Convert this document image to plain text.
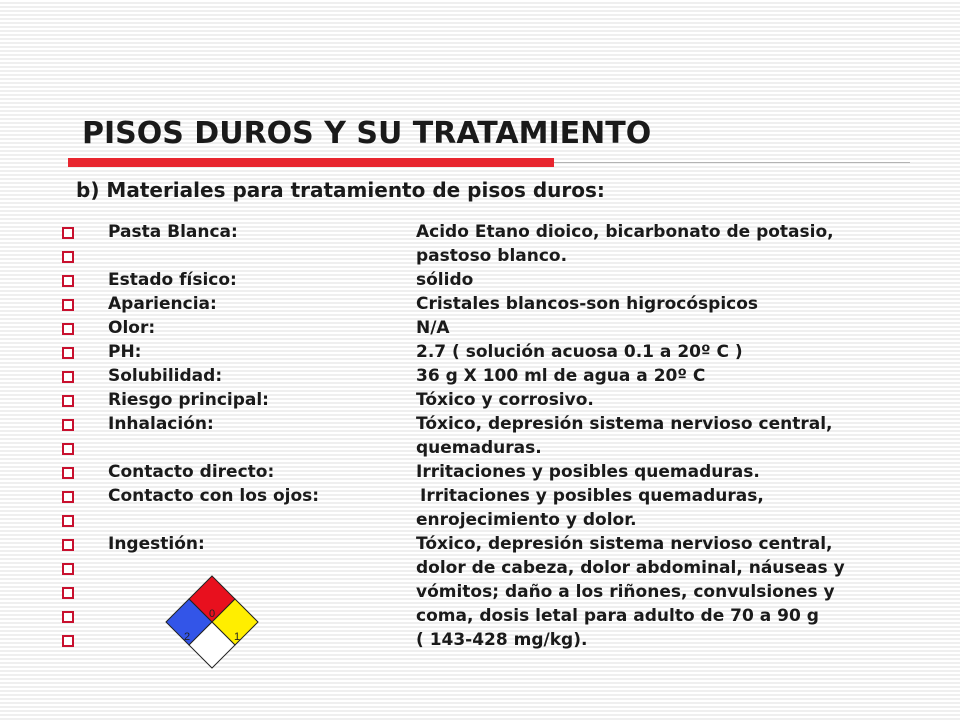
PISOS DUROS Y SU TRATAMIENTO
b) Materiales para tratamiento de pisos duros:
Pasta Blanca:	Acido Etano dioico, bicarbonato de potasio,
pastoso blanco.
Estado físico:	sólido
Apariencia:	Cristales blancos-son higrocóspicos
Olor:	N/A
PH:	2.7 ( solución acuosa 0.1 a 20º C )
Solubilidad:	36 g X 100 ml de agua a 20º C
Riesgo principal:	Tóxico y corrosivo.
Inhalación:	Tóxico, depresión sistema nervioso central,
quemaduras.
Contacto directo:	Irritaciones y posibles quemaduras.
Contacto con los ojos:	Irritaciones y posibles quemaduras,
enrojecimiento y dolor.
Ingestión:	Tóxico, depresión sistema nervioso central,
dolor de cabeza, dolor abdominal, náuseas y
vómitos; daño a los riñones, convulsiones y
coma, dosis letal para adulto de 70 a 90 g
( 143-428 mg/kg).
0
2	1
